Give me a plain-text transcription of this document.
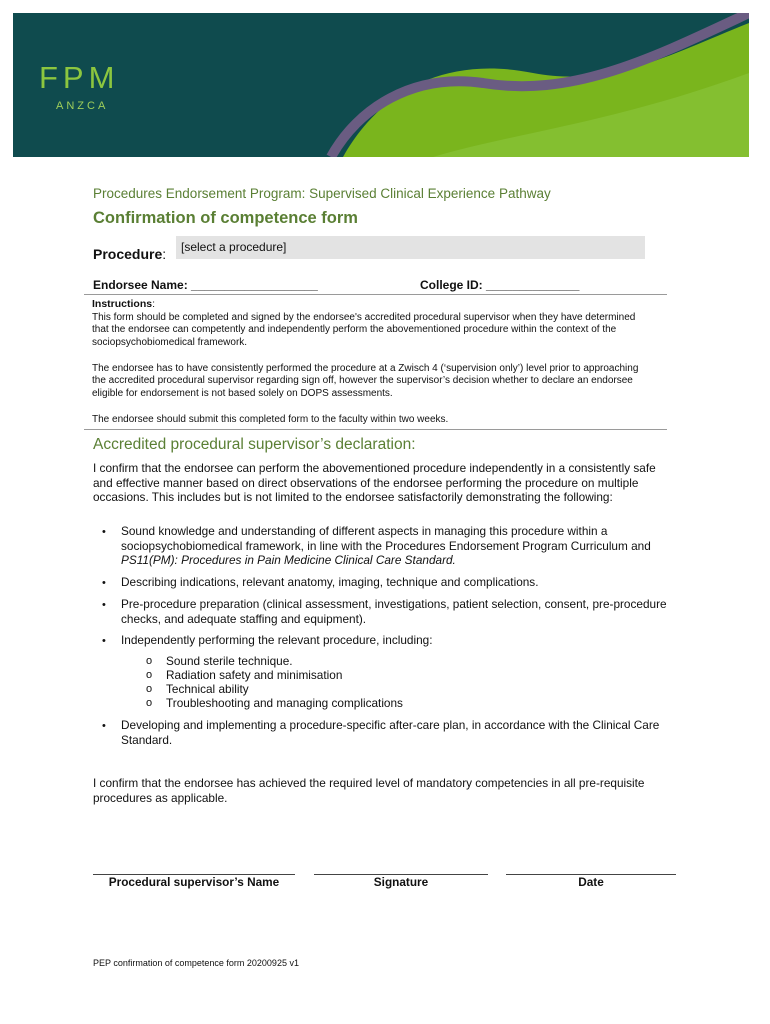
FPM
ANZCA
Procedures Endorsement Program: Supervised Clinical Experience Pathway
Confirmation of competence form
Procedure:	[select a procedure]
Endorsee Name: ___________________	College ID: ______________
Instructions:
This form should be completed and signed by the endorsee's accredited procedural supervisor when they have determined that the endorsee can competently and independently perform the abovementioned procedure within the context of the sociopsychobiomedical framework.
The endorsee has to have consistently performed the procedure at a Zwisch 4 (‘supervision only’) level prior to approaching the accredited procedural supervisor regarding sign off, however the supervisor’s decision whether to declare an endorsee eligible for endorsement is not based solely on DOPS assessments.
The endorsee should submit this completed form to the faculty within two weeks.
Accredited procedural supervisor’s declaration:
I confirm that the endorsee can perform the abovementioned procedure independently in a consistently safe and effective manner based on direct observations of the endorsee performing the procedure on multiple occasions. This includes but is not limited to the endorsee satisfactorily demonstrating the following:
• Sound knowledge and understanding of different aspects in managing this procedure within a sociopsychobiomedical framework, in line with the Procedures Endorsement Program Curriculum and PS11(PM): Procedures in Pain Medicine Clinical Care Standard.
• Describing indications, relevant anatomy, imaging, technique and complications.
• Pre-procedure preparation (clinical assessment, investigations, patient selection, consent, pre-procedure checks, and adequate staffing and equipment).
• Independently performing the relevant procedure, including:
o Sound sterile technique.
o Radiation safety and minimisation
o Technical ability
o Troubleshooting and managing complications
• Developing and implementing a procedure-specific after-care plan, in accordance with the Clinical Care Standard.
I confirm that the endorsee has achieved the required level of mandatory competencies in all pre-requisite procedures as applicable.
Procedural supervisor’s Name	Signature	Date
PEP confirmation of competence form 20200925 v1
